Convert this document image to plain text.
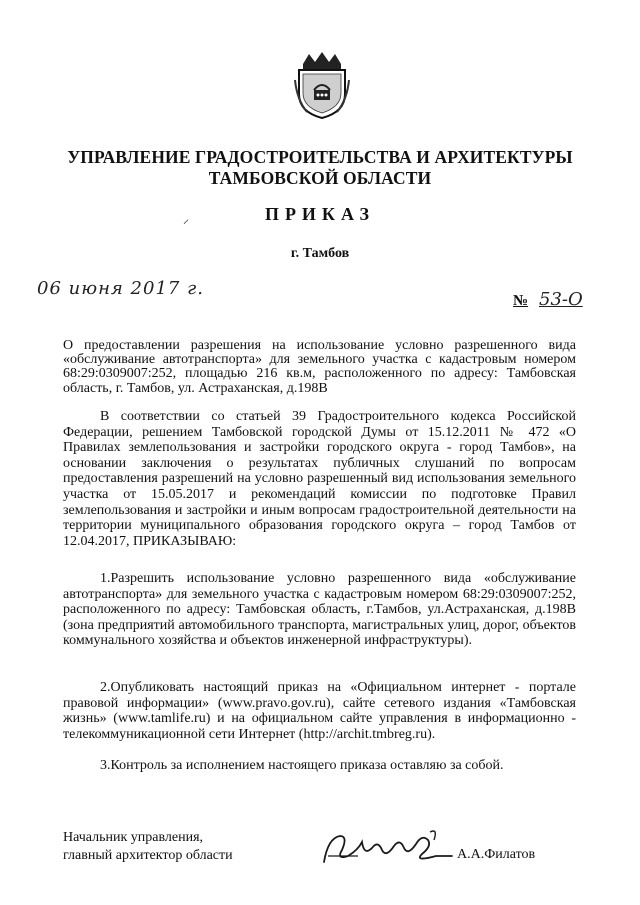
УПРАВЛЕНИЕ ГРАДОСТРОИТЕЛЬСТВА И АРХИТЕКТУРЫ
ТАМБОВСКОЙ ОБЛАСТИ
⸝	ПРИКАЗ
г. Тамбов
06 июня 2017 г.
№ 53-О
О предоставлении разрешения на использование условно разрешенного вида «обслуживание автотранспорта» для земельного участка с кадастровым номером 68:29:0309007:252, площадью 216 кв.м, расположенного по адресу: Тамбовская область, г. Тамбов, ул. Астраханская, д.198В
В соответствии со статьей 39 Градостроительного кодекса Российской Федерации, решением Тамбовской городской Думы от 15.12.2011 № 472 «О Правилах землепользования и застройки городского округа - город Тамбов», на основании заключения о результатах публичных слушаний по вопросам предоставления разрешений на условно разрешенный вид использования земельного участка от 15.05.2017 и рекомендаций комиссии по подготовке Правил землепользования и застройки и иным вопросам градостроительной деятельности на территории муниципального образования городского округа – город Тамбов от 12.04.2017, ПРИКАЗЫВАЮ:
1.Разрешить использование условно разрешенного вида «обслуживание автотранспорта» для земельного участка с кадастровым номером 68:29:0309007:252, расположенного по адресу: Тамбовская область, г.Тамбов, ул.Астраханская, д.198В (зона предприятий автомобильного транспорта, магистральных улиц, дорог, объектов коммунального хозяйства и объектов инженерной инфраструктуры).
2.Опубликовать настоящий приказ на «Официальном интернет - портале правовой информации» (www.pravo.gov.ru), сайте сетевого издания «Тамбовская жизнь» (www.tamlife.ru) и на официальном сайте управления в информационно - телекоммуникационной сети Интернет (http://archit.tmbreg.ru).
3.Контроль за исполнением настоящего приказа оставляю за собой.
Начальник управления,
главный архитектор области	А.А.Филатов
